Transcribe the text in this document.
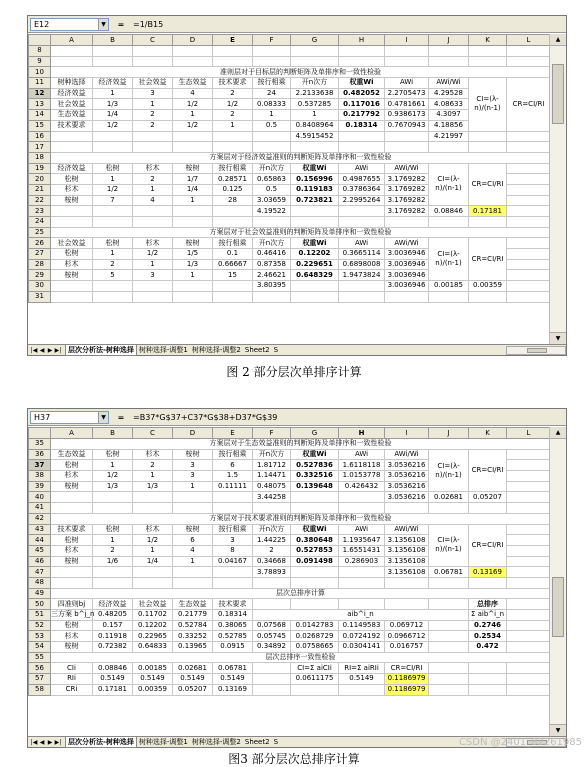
E12	▼	=	=1/B15
	A	B	C	D	E	F	G	H	I	J	K	L
8												
9												
10	准则层对于目标层的判断矩阵及单排序和一致性检验											
11	树种选择	经济效益	社会效益	生态效益	技术要求	按行相乘	开n次方	权重Wi	AWi	AWi/Wi	CI=(λ-n)/(n-1)	CR=CI/RI
12	经济效益	1	3	4	2	24	2.2133638	0.482052	2.2705473	4.29528		
13	社会效益	1/3	1	1/2	1/2	0.08333	0.537285	0.117016	0.4781661	4.08633		
14	生态效益	1/4	2	1	2	1	1	0.217792	0.9386173	4.3097		
15	技术要求	1/2	2	1/2	1	0.5	0.8408964	0.18314	0.7670943	4.18856		
16							4.5915452			4.21997		
17												
18	方案层对于经济效益准则的判断矩阵及单排序和一致性检验											
19	经济效益	松树	杉木	桉树	按行相乘	开n次方	权重Wi	AWi	AWi/Wi	CI=(λ-n)/(n-1)	CR=CI/RI	
20	松树	1	2	1/7	0.28571	0.65863	0.156996	0.4987655	3.1769282			
21	杉木	1/2	1	1/4	0.125	0.5	0.119183	0.3786364	3.1769282			
22	桉树	7	4	1	28	3.03659	0.723821	2.2995264	3.1769282			
23						4.19522			3.1769282	0.08846	0.17181	
24												
25	方案层对于社会效益准则的判断矩阵及单排序和一致性检验											
26	社会效益	松树	杉木	桉树	按行相乘	开n次方	权重Wi	AWi	AWi/Wi	CI=(λ-n)/(n-1)	CR=CI/RI	
27	松树	1	1/2	1/5	0.1	0.46416	0.12202	0.3665114	3.0036946			
28	杉木	2	1	1/3	0.66667	0.87358	0.229651	0.6898008	3.0036946			
29	桉树	5	3	1	15	2.46621	0.648329	1.9473824	3.0036946			
30						3.80395			3.0036946	0.00185	0.00359	
31												
▲
▼
|◀ ◀ ▶ ▶| 层次分析法-树种选择 树种选择-调整1 树种选择-调整2 Sheet2 S
图 2 部分层次单排序计算
H37	▼	=	=B37*G$37+C37*G$38+D37*G$39
	A	B	C	D	E	F	G	H	I	J	K	L
35	方案层对于生态效益准则的判断矩阵及单排序和一致性检验											
36	生态效益	松树	杉木	桉树	按行相乘	开n次方	权重Wi	AWi	AWi/Wi	CI=(λ-n)/(n-1)	CR=CI/RI	
37	松树	1	2	3	6	1.81712	0.527836	1.6118118	3.0536216			
38	杉木	1/2	1	3	1.5	1.14471	0.332516	1.0153778	3.0536216			
39	桉树	1/3	1/3	1	0.11111	0.48075	0.139648	0.426432	3.0536216			
40						3.44258			3.0536216	0.02681	0.05207	
41												
42	方案层对于技术要求准则的判断矩阵及单排序和一致性检验											
43	技术要求	松树	杉木	桉树	按行相乘	开n次方	权重Wi	AWi	AWi/Wi	CI=(λ-n)/(n-1)	CR=CI/RI	
44	松树	1	1/2	6	3	1.44225	0.380648	1.1935647	3.1356108			
45	杉木	2	1	4	8	2	0.527853	1.6551431	3.1356108			
46	桉树	1/6	1/4	1	0.04167	0.34668	0.091498	0.286903	3.1356108			
47						3.78893			3.1356108	0.06781	0.13169	
48												
49	层次总排序计算											
50	四准则bj	经济效益	社会效益	生态效益	技术要求						总排序	
51	三方案 b^j_n	0.48205	0.11702	0.21779	0.18314	aib^i_n					Σ aib^i_n	
52	松树	0.157	0.12202	0.52784	0.38065	0.07568	0.0142783	0.1149583	0.069712		0.2746	
53	杉木	0.11918	0.22965	0.33252	0.52785	0.05745	0.0268729	0.0724192	0.0966712		0.2534	
54	桉树	0.72382	0.64833	0.13965	0.0915	0.34892	0.0758665	0.0304141	0.016757		0.472	
55	层次总排序一致性检验											
56	CIi	0.08846	0.00185	0.02681	0.06781		CI=Σ aiCIi	RI=Σ aiRIi	CR=CI/RI			
57	RIi	0.5149	0.5149	0.5149	0.5149		0.0611175	0.5149	0.1186979			
58	CRi	0.17181	0.00359	0.05207	0.13169				0.1186979			
▲
▼
|◀ ◀ ▶ ▶| 层次分析法-树种选择 树种选择-调整1 树种选择-调整2 Sheet2 S	CSDN @2401_82261985
图3 部分层次总排序计算
